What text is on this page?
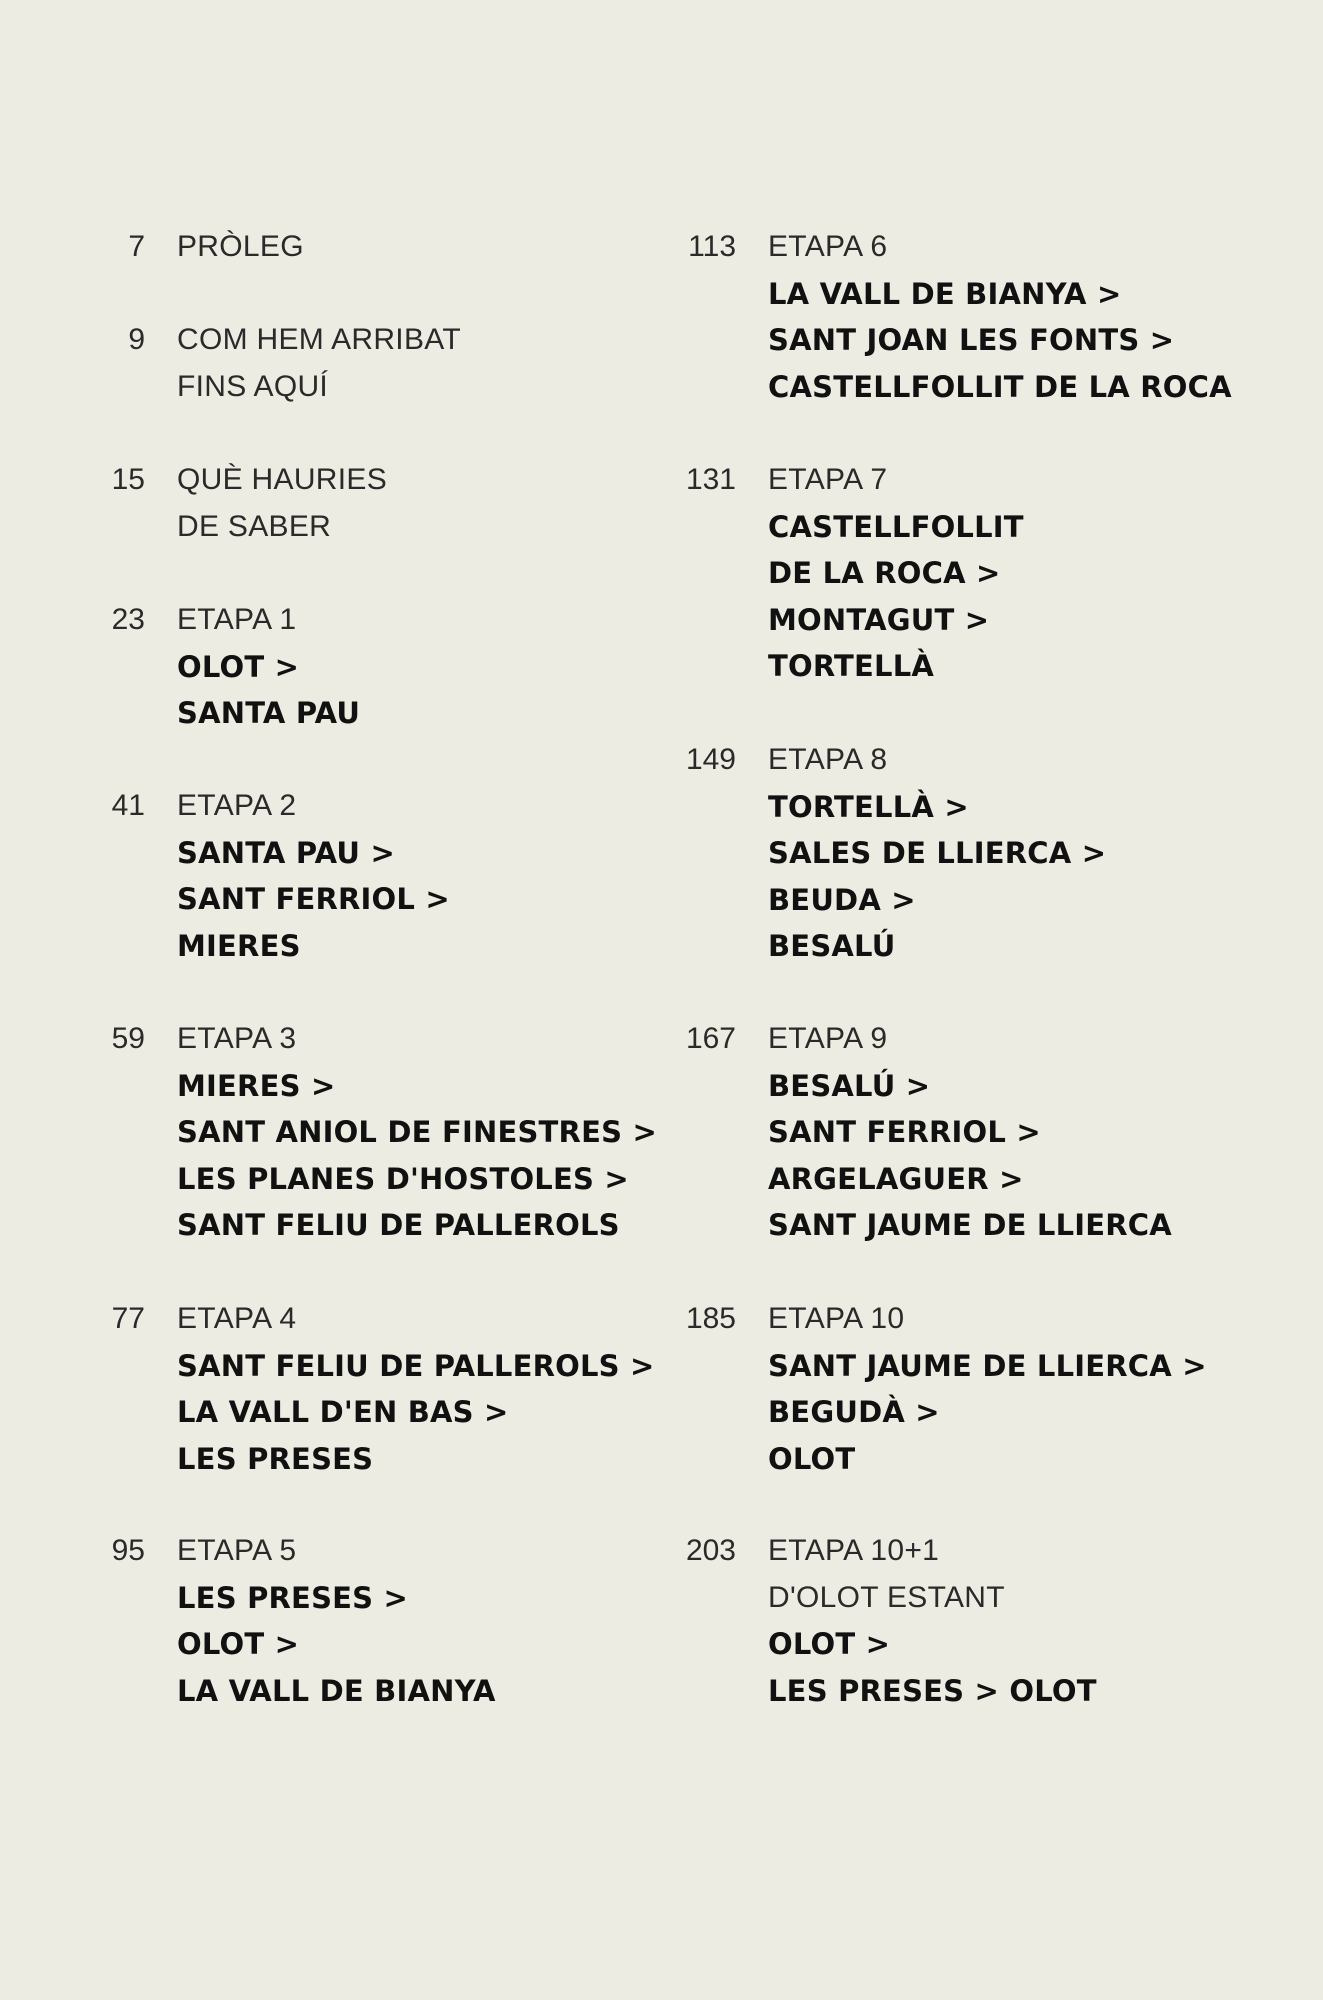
7 PRÒLEG
9 COM HEM ARRIBAT
FINS AQUÍ
15 QUÈ HAURIES
DE SABER
23 ETAPA 1
OLOT >
SANTA PAU
41 ETAPA 2
SANTA PAU >
SANT FERRIOL >
MIERES
59 ETAPA 3
MIERES >
SANT ANIOL DE FINESTRES >
LES PLANES D'HOSTOLES >
SANT FELIU DE PALLEROLS
77 ETAPA 4
SANT FELIU DE PALLEROLS >
LA VALL D'EN BAS >
LES PRESES
95 ETAPA 5
LES PRESES >
OLOT >
LA VALL DE BIANYA
113 ETAPA 6
LA VALL DE BIANYA >
SANT JOAN LES FONTS >
CASTELLFOLLIT DE LA ROCA
131 ETAPA 7
CASTELLFOLLIT
DE LA ROCA >
MONTAGUT >
TORTELLÀ
149 ETAPA 8
TORTELLÀ >
SALES DE LLIERCA >
BEUDA >
BESALÚ
167 ETAPA 9
BESALÚ >
SANT FERRIOL >
ARGELAGUER >
SANT JAUME DE LLIERCA
185 ETAPA 10
SANT JAUME DE LLIERCA >
BEGUDÀ >
OLOT
203 ETAPA 10+1
D'OLOT ESTANT
OLOT >
LES PRESES > OLOT
